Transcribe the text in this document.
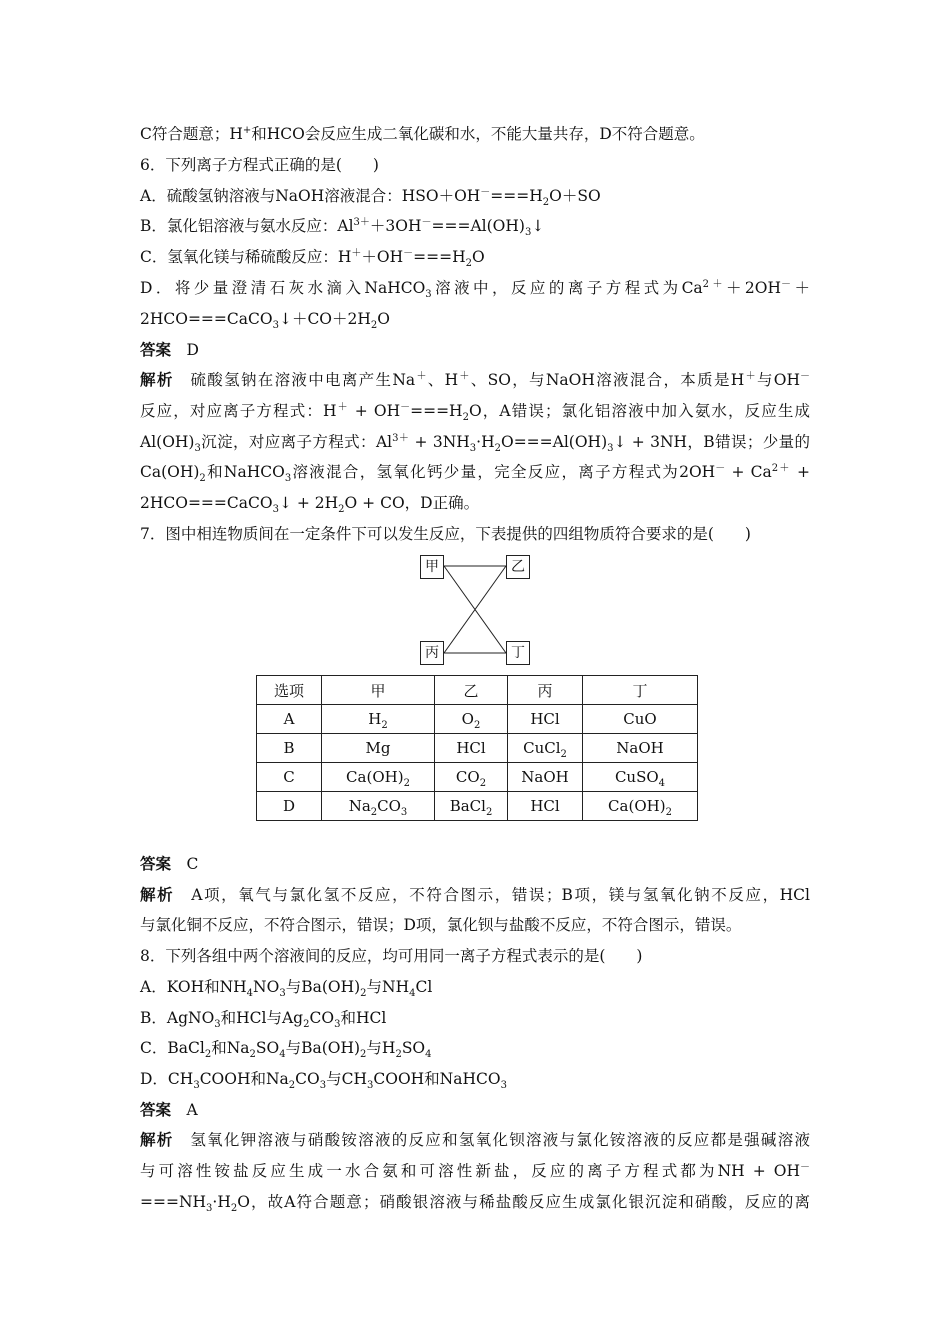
C符合题意；H+和HCO会反应生成二氧化碳和水，不能大量共存，D不符合题意。
6．下列离子方程式正确的是(　　)
A．硫酸氢钠溶液与NaOH溶液混合：$HSO+OH^-===H_2O+SO$
B．氯化铝溶液与氨水反应：$Al^{3+}+3OH^-===Al(OH)_3↓$
C．氢氧化镁与稀硫酸反应：$H^++OH^-===H_2O$
D．将少量澄清石灰水滴入NaHCO$_3$溶液中，反应的离子方程式为$Ca^{2+}+2OH^-+$
$2HCO===CaCO_3↓+CO+2H_2O$
答案　D
解析　硫酸氢钠在溶液中电离产生Na＋、H＋、SO，与NaOH溶液混合，本质是H＋与OH－
反应，对应离子方程式：$H^+ + OH^-===H_2O$，A错误；氯化铝溶液中加入氨水，反应生成
$Al(OH)_3$沉淀，对应离子方程式：$Al^{3+}$ + $3NH_3\cdot H_2O===Al(OH)_3↓ + 3NH$，B错误；少量的
$Ca(OH)_2$和NaHCO$_3$溶液混合，氢氧化钙少量，完全反应，离子方程式为$2OH^- + Ca^{2+}$ +
2HCO===CaCO$_3$↓ + $2H_2O$ + CO，D正确。
7．图中相连物质间在一定条件下可以发生反应，下表提供的四组物质符合要求的是(　　)
甲	乙
丙	丁
选项	甲	乙	丙	丁
A	$H_2$	$O_2$	HCl	CuO
B	Mg	HCl	CuCl$_2$	NaOH
C	$Ca(OH)_2$	$CO_2$	NaOH	CuSO$_4$
D	$Na_2CO_3$	BaCl$_2$	HCl	$Ca(OH)_2$
答案　C
解析　A项，氧气与氯化氢不反应，不符合图示，错误；B项，镁与氢氧化钠不反应，HCl
与氯化铜不反应，不符合图示，错误；D项，氯化钡与盐酸不反应，不符合图示，错误。
8．下列各组中两个溶液间的反应，均可用同一离子方程式表示的是(　　)
A．KOH和$NH_4NO_3$与$Ba(OH)_2$与$NH_4Cl$
B．AgNO$_3$和HCl与$Ag_2CO_3$和HCl
C．BaCl$_2$和$Na_2SO_4$与$Ba(OH)_2$与$H_2SO_4$
D．$CH_3COOH$和$Na_2CO_3$与$CH_3COOH$和NaHCO$_3$
答案　A
解析　氢氧化钾溶液与硝酸铵溶液的反应和氢氧化钡溶液与氯化铵溶液的反应都是强碱溶液
与可溶性铵盐反应生成一水合氨和可溶性新盐，反应的离子方程式都为NH + OH－
$===NH_3\cdot H_2O$，故A符合题意；硝酸银溶液与稀盐酸反应生成氯化银沉淀和硝酸，反应的离
